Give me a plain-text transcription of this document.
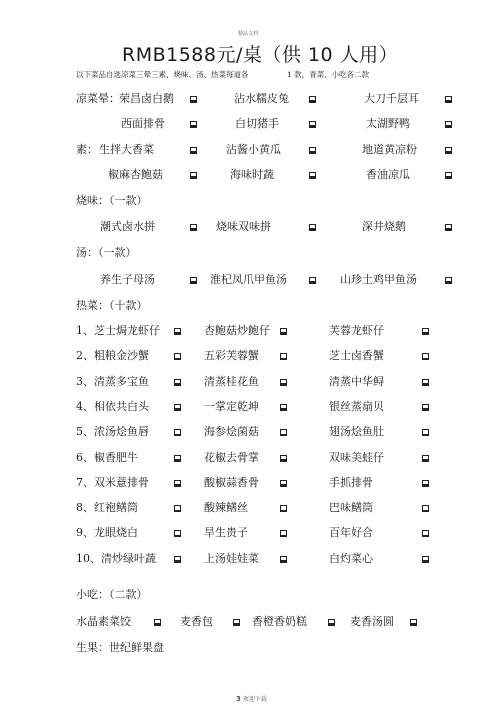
精品文档
RMB1588元/桌（供 10 人用）
以下菜品自选凉菜三晕三素，烧味、汤、热菜每道各	1 款，青菜、小吃各二款
凉菜晕： 荣昌卤白鹅	沾水糯皮兔	大刀千层耳
西面排骨	白切猪手	太湖野鸭
素： 生拌大香菜	沾酱小黄瓜	地道黄凉粉
椒麻杏鲍菇	海味时蔬	香油凉瓜
烧味：（一款）
潮式卤水拼	烧味双味拼	深井烧鹅
汤：（一款）
养生子母汤	淮杞凤爪甲鱼汤	山珍土鸡甲鱼汤
热菜：（十款）
1、芝士焗龙虾仔	杏鲍菇炒鲍仔	芙蓉龙虾仔
2、粗粮金沙蟹	五彩芙蓉蟹	芝士卤香蟹
3、清蒸多宝鱼	清蒸桂花鱼	清蒸中华鲟
4、相依共白头	一掌定乾坤	银丝蒸扇贝
5、浓汤烩鱼唇	海参烩菌菇	翅汤烩鱼肚
6、椒香肥牛	花椒去骨掌	双味美蛙仔
7、双米薏排骨	酸椒蒜香骨	手抓排骨
8、红袍鳝筒	酸辣鳝丝	巴味鳝筒
9、龙眼烧白	旱生贵子	百年好合
10、清炒绿叶蔬	上汤娃娃菜	白灼菜心
小吃：（二款）
水晶素菜饺	麦香包	香橙香奶糕	麦香汤圆
生果：世纪鲜果盘
3 欢迎下载
